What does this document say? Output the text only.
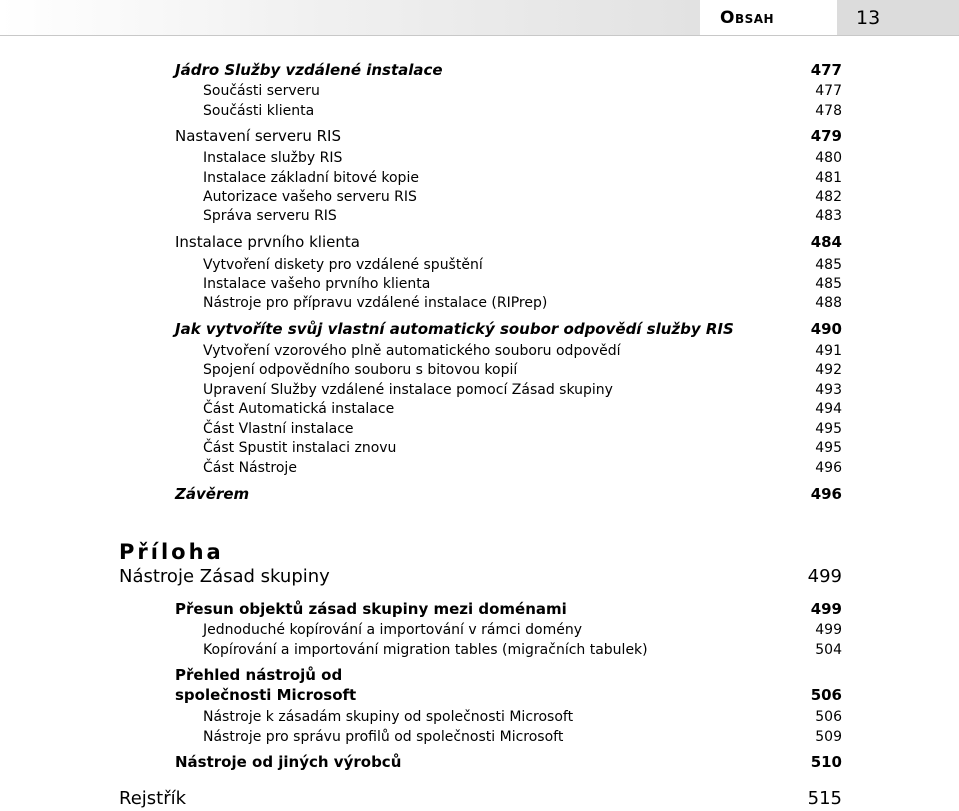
Obsah	13
Jádro Služby vzdálené instalace	477
Součásti serveru	477
Součásti klienta	478
Nastavení serveru RIS	479
Instalace služby RIS	480
Instalace základní bitové kopie	481
Autorizace vašeho serveru RIS	482
Správa serveru RIS	483
Instalace prvního klienta	484
Vytvoření diskety pro vzdálené spuštění	485
Instalace vašeho prvního klienta	485
Nástroje pro přípravu vzdálené instalace (RIPrep)	488
Jak vytvoříte svůj vlastní automatický soubor odpovědí služby RIS	490
Vytvoření vzorového plně automatického souboru odpovědí	491
Spojení odpovědního souboru s bitovou kopií	492
Upravení Služby vzdálené instalace pomocí Zásad skupiny	493
Část Automatická instalace	494
Část Vlastní instalace	495
Část Spustit instalaci znovu	495
Část Nástroje	496
Závěrem	496
Příloha
Nástroje Zásad skupiny	499
Přesun objektů zásad skupiny mezi doménami	499
Jednoduché kopírování a importování v rámci domény	499
Kopírování a importování migration tables (migračních tabulek)	504
Přehled nástrojů od
společnosti Microsoft	506
Nástroje k zásadám skupiny od společnosti Microsoft	506
Nástroje pro správu profilů od společnosti Microsoft	509
Nástroje od jiných výrobců	510
Rejstřík	515
